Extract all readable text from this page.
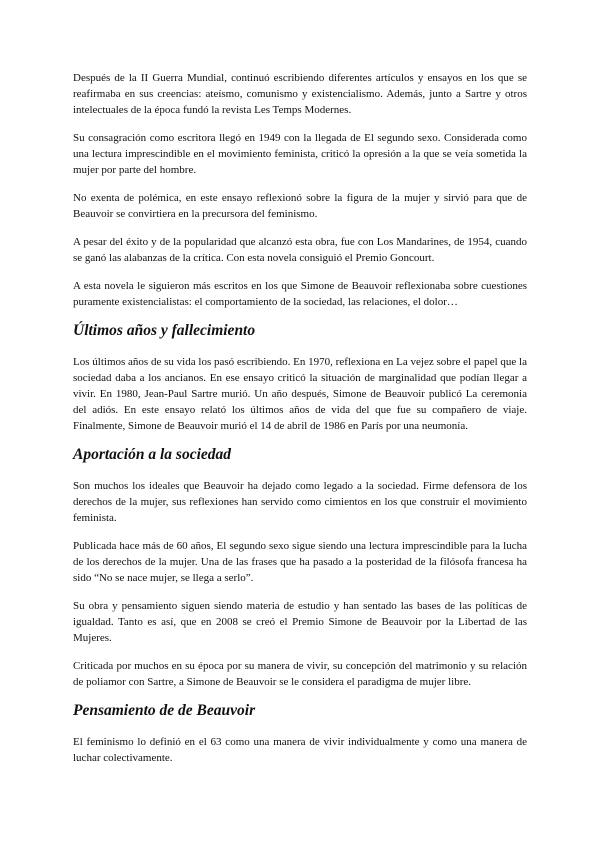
Después de la II Guerra Mundial, continuó escribiendo diferentes artículos y ensayos en los que se reafirmaba en sus creencias: ateísmo, comunismo y existencialismo. Además, junto a Sartre y otros intelectuales de la época fundó la revista Les Temps Modernes.

Su consagración como escritora llegó en 1949 con la llegada de El segundo sexo. Considerada como una lectura imprescindible en el movimiento feminista, criticó la opresión a la que se veía sometida la mujer por parte del hombre.

No exenta de polémica, en este ensayo reflexionó sobre la figura de la mujer y sirvió para que de Beauvoir se convirtiera en la precursora del feminismo.

A pesar del éxito y de la popularidad que alcanzó esta obra, fue con Los Mandarines, de 1954, cuando se ganó las alabanzas de la crítica. Con esta novela consiguió el Premio Goncourt.

A esta novela le siguieron más escritos en los que Simone de Beauvoir reflexionaba sobre cuestiones puramente existencialistas: el comportamiento de la sociedad, las relaciones, el dolor…

Últimos años y fallecimiento

Los últimos años de su vida los pasó escribiendo. En 1970, reflexiona en La vejez sobre el papel que la sociedad daba a los ancianos. En ese ensayo criticó la situación de marginalidad que podían llegar a vivir. En 1980, Jean-Paul Sartre murió. Un año después, Simone de Beauvoir publicó La ceremonia del adiós. En este ensayo relató los últimos años de vida del que fue su compañero de viaje. Finalmente, Simone de Beauvoir murió el 14 de abril de 1986 en París por una neumonía.

Aportación a la sociedad

Son muchos los ideales que Beauvoir ha dejado como legado a la sociedad. Firme defensora de los derechos de la mujer, sus reflexiones han servido como cimientos en los que construir el movimiento feminista.

Publicada hace más de 60 años, El segundo sexo sigue siendo una lectura imprescindible para la lucha de los derechos de la mujer. Una de las frases que ha pasado a la posteridad de la filósofa francesa ha sido “No se nace mujer, se llega a serlo”.

Su obra y pensamiento siguen siendo materia de estudio y han sentado las bases de las políticas de igualdad. Tanto es así, que en 2008 se creó el Premio Simone de Beauvoir por la Libertad de las Mujeres.

Criticada por muchos en su época por su manera de vivir, su concepción del matrimonio y su relación de poliamor con Sartre, a Simone de Beauvoir se le considera el paradigma de mujer libre.

Pensamiento de de Beauvoir

El feminismo lo definió en el 63 como una manera de vivir individualmente y como una manera de luchar colectivamente.
